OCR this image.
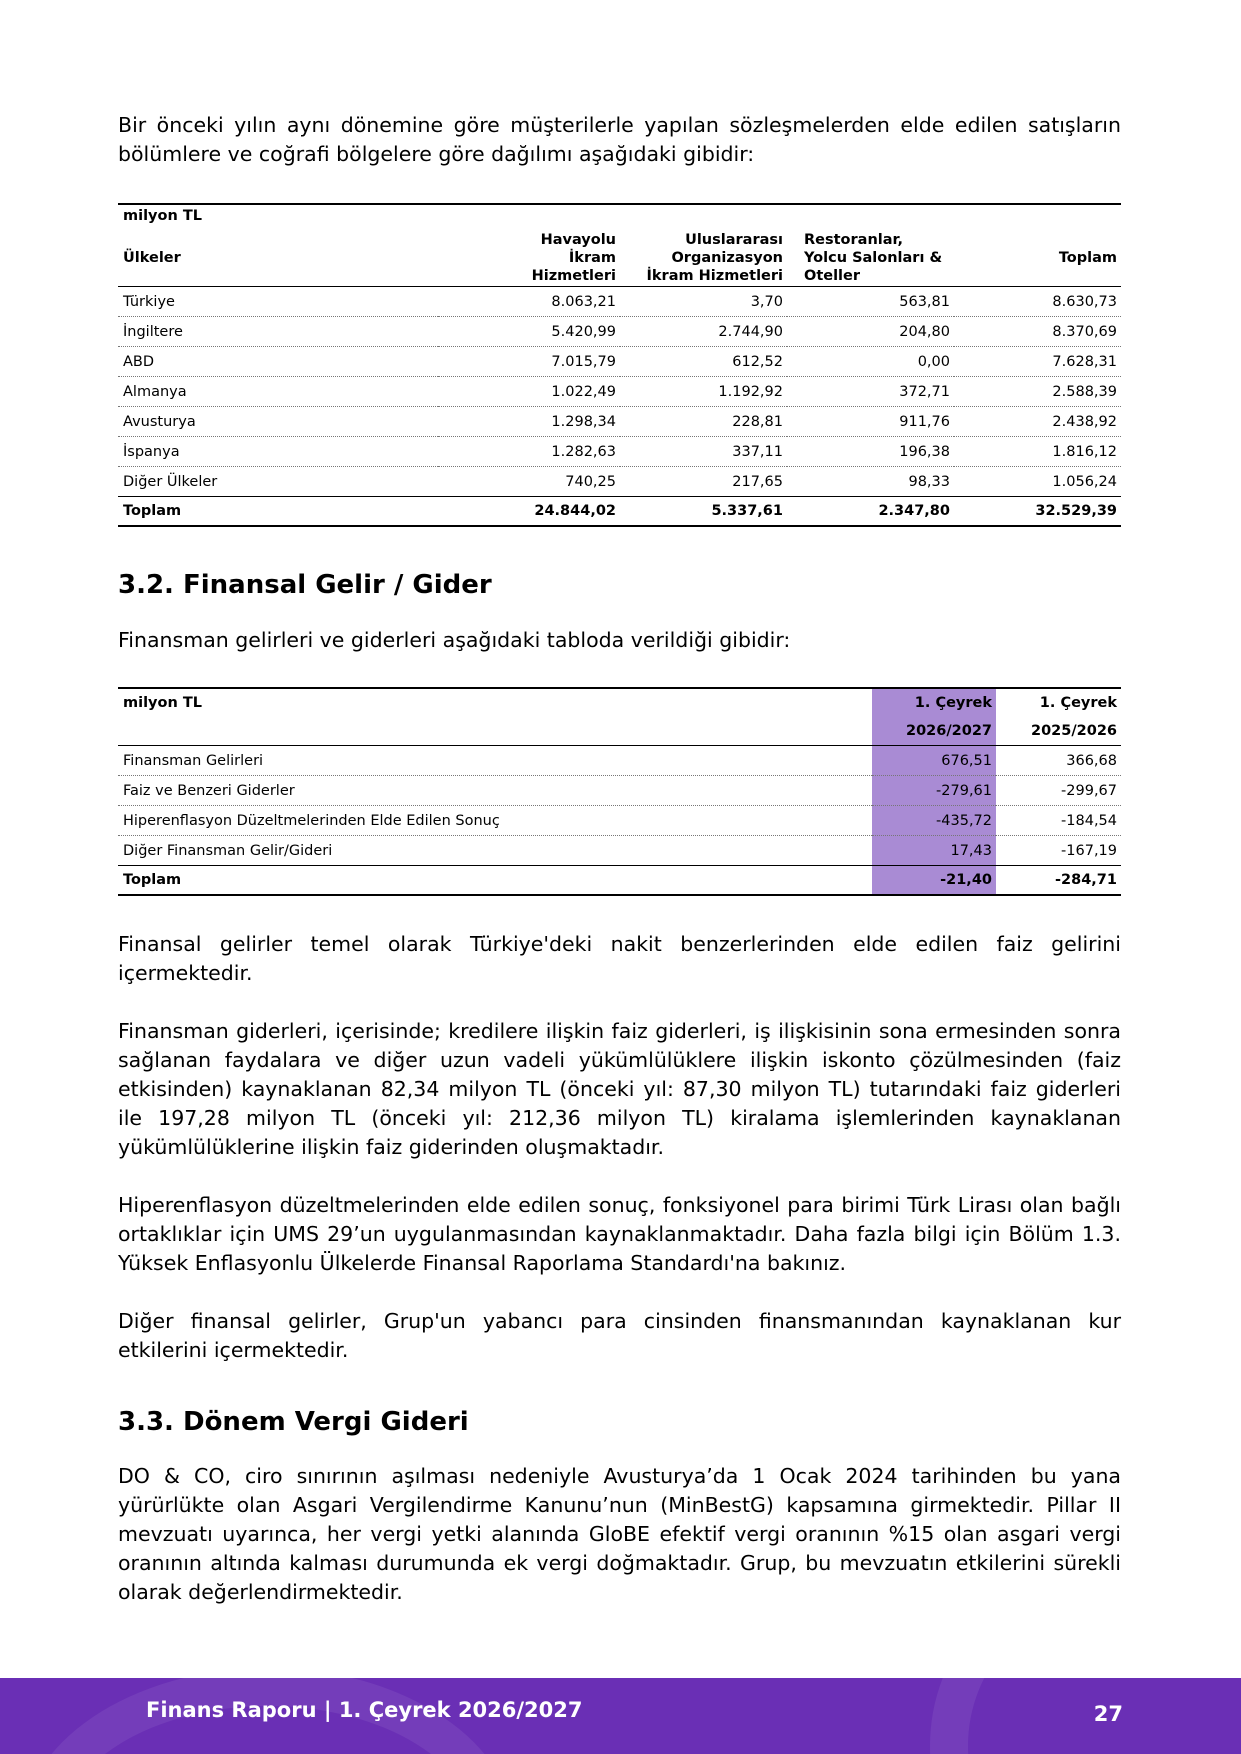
Bir önceki yılın aynı dönemine göre müşterilerle yapılan sözleşmelerden elde edilen satışların bölümlere ve coğrafi bölgelere göre dağılımı aşağıdaki gibidir:

milyon TL				
Ülkeler	Havayolu İkram Hizmetleri	Uluslararası Organizasyon İkram Hizmetleri	Restoranlar, Yolcu Salonları & Oteller	Toplam
Türkiye	8.063,21	3,70	563,81	8.630,73
İngiltere	5.420,99	2.744,90	204,80	8.370,69
ABD	7.015,79	612,52	0,00	7.628,31
Almanya	1.022,49	1.192,92	372,71	2.588,39
Avusturya	1.298,34	228,81	911,76	2.438,92
İspanya	1.282,63	337,11	196,38	1.816,12
Diğer Ülkeler	740,25	217,65	98,33	1.056,24
Toplam	24.844,02	5.337,61	2.347,80	32.529,39
3.2. Finansal Gelir / Gider

Finansman gelirleri ve giderleri aşağıdaki tabloda verildiği gibidir:

milyon TL	1. Çeyrek	1. Çeyrek
	2026/2027	2025/2026
Finansman Gelirleri	676,51	366,68
Faiz ve Benzeri Giderler	-279,61	-299,67
Hiperenflasyon Düzeltmelerinden Elde Edilen Sonuç	-435,72	-184,54
Diğer Finansman Gelir/Gideri	17,43	-167,19
Toplam	-21,40	-284,71

Finansal gelirler temel olarak Türkiye'deki nakit benzerlerinden elde edilen faiz gelirini içermektedir.

Finansman giderleri, içerisinde; kredilere ilişkin faiz giderleri, iş ilişkisinin sona ermesinden sonra sağlanan faydalara ve diğer uzun vadeli yükümlülüklere ilişkin iskonto çözülmesinden (faiz etkisinden) kaynaklanan 82,34 milyon TL (önceki yıl: 87,30 milyon TL) tutarındaki faiz giderleri ile 197,28 milyon TL (önceki yıl: 212,36 milyon TL) kiralama işlemlerinden kaynaklanan yükümlülüklerine ilişkin faiz giderinden oluşmaktadır.

Hiperenflasyon düzeltmelerinden elde edilen sonuç, fonksiyonel para birimi Türk Lirası olan bağlı ortaklıklar için UMS 29’un uygulanmasından kaynaklanmaktadır. Daha fazla bilgi için Bölüm 1.3. Yüksek Enflasyonlu Ülkelerde Finansal Raporlama Standardı'na bakınız.

Diğer finansal gelirler, Grup'un yabancı para cinsinden finansmanından kaynaklanan kur etkilerini içermektedir.

3.3. Dönem Vergi Gideri

DO & CO, ciro sınırının aşılması nedeniyle Avusturya’da 1 Ocak 2024 tarihinden bu yana yürürlükte olan Asgari Vergilendirme Kanunu’nun (MinBestG) kapsamına girmektedir. Pillar II mevzuatı uyarınca, her vergi yetki alanında GloBE efektif vergi oranının %15 olan asgari vergi oranının altında kalması durumunda ek vergi doğmaktadır. Grup, bu mevzuatın etkilerini sürekli olarak değerlendirmektedir.

Finans Raporu | 1. Çeyrek 2026/2027	27
